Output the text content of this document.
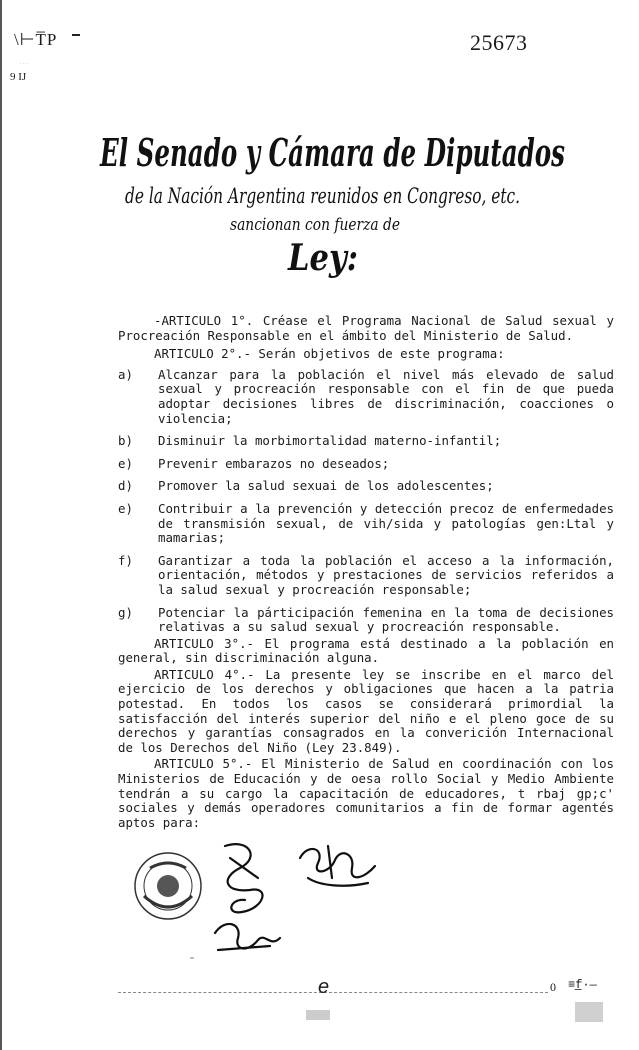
\⊢T̅P
· · ·
9 IJ
25673
El Senado y Cámara de Diputados
de la Nación Argentina reunidos en Congreso, etc.
sancionan con fuerza de
Ley:

-ARTICULO 1°. Créase el Programa Nacional de Salud sexual y Procreación Responsable en el ámbito del Ministerio de Salud.

ARTICULO 2°.- Serán objetivos de este programa:

a)	Alcanzar para la población el nivel más elevado de salud sexual y procreación responsable con el fin de que pueda adoptar decisiones libres de discriminación, coacciones o violencia;
b)	Disminuir la morbimortalidad materno-infantil;
e)	Prevenir embarazos no deseados;
d)	Promover la salud sexuai de los adolescentes;
e)	Contribuir a la prevención y detección precoz de enfermedades de transmisión sexual, de vih/sida y patologías gen:Ltal y mamarias;
f)	Garantizar a toda la población el acceso a la información, orientación, métodos y prestaciones de servicios referidos a la salud sexual y procreación responsable;
g)	Potenciar la párticipación femenina en la toma de decisiones relativas a su salud sexual y procreación responsable.

ARTICULO 3°.- El programa está destinado a la población en general, sin discriminación alguna.

ARTICULO 4°.- La presente ley se inscribe en el marco del ejercicio de los derechos y obligaciones que hacen a la patria potestad. En todos los casos se considerará primordial la satisfacción del interés superior del niño e el pleno goce de su derechos y garantías consagrados en la converición Internacional de los Derechos del Niño (Ley 23.849).

ARTICULO 5°.- El Ministerio de Salud en coordinación con los Ministerios de Educación y de oesa rollo Social y Medio Ambiente tendrán a su cargo la capacitación de educadores, t rbaj gp;c' sociales y demás operadores comunitarios a fin de formar agentés aptos para:

e	0 ≡f̲·—
